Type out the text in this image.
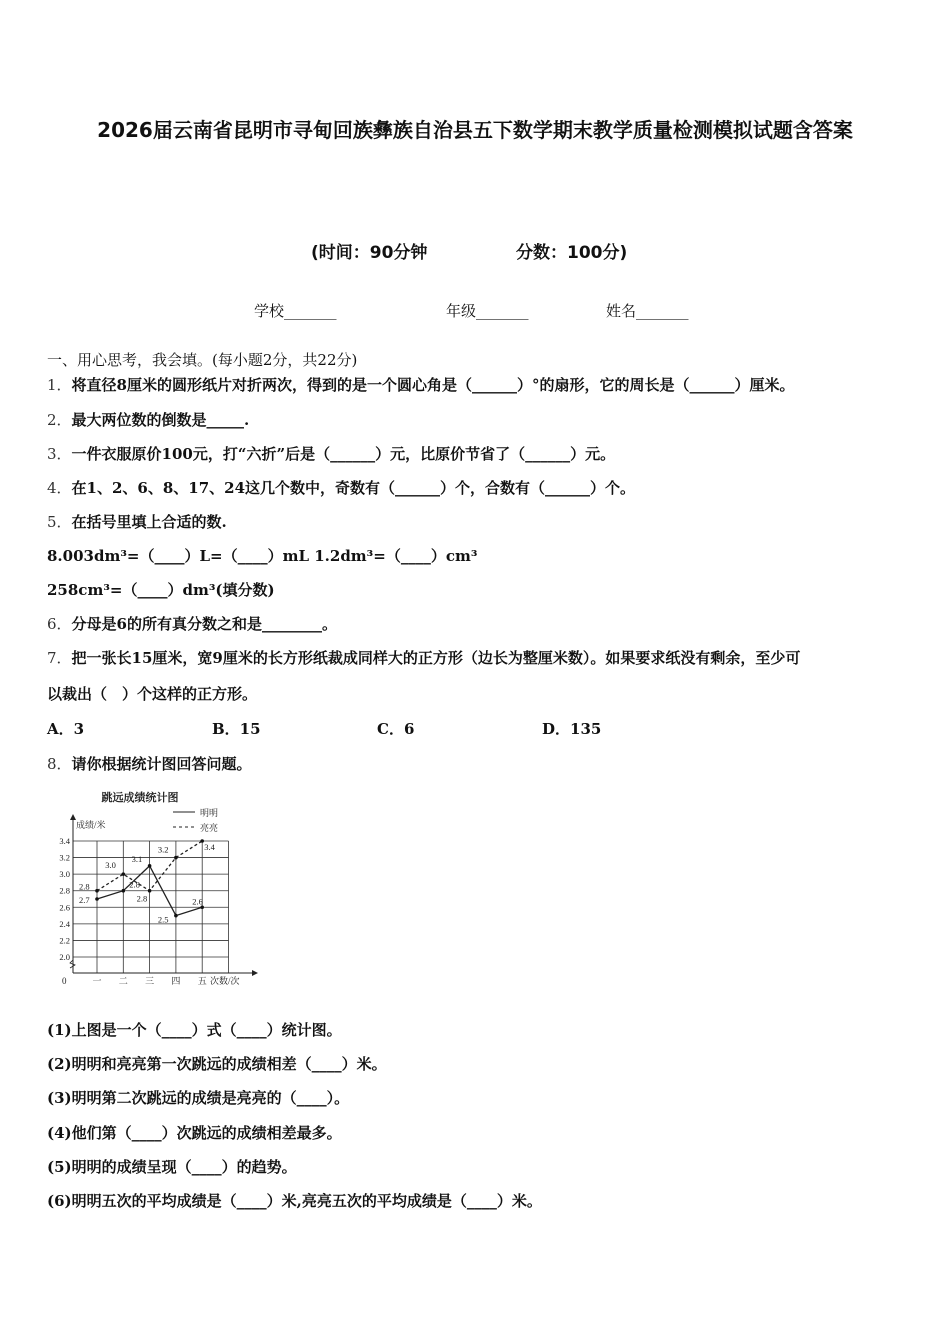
2026届云南省昆明市寻甸回族彝族自治县五下数学期末教学质量检测模拟试题含答案
(时间：90分钟	分数：100分)
学校_______	年级_______	姓名_______
一、用心思考，我会填。(每小题2分，共22分)
1．将直径8厘米的圆形纸片对折两次，得到的是一个圆心角是（______）°的扇形，它的周长是（______）厘米。
2．最大两位数的倒数是_____.
3．一件衣服原价100元，打“六折”后是（______）元，比原价节省了（______）元。
4．在1、2、6、8、17、24这几个数中，奇数有（______）个，合数有（______）个。
5．在括号里填上合适的数.
8.003dm³=（____）L=（____）mL 1.2dm³=（____）cm³
258cm³=（____）dm³(填分数)
6．分母是6的所有真分数之和是________。
7．把一张长15厘米，宽9厘米的长方形纸裁成同样大的正方形（边长为整厘米数）。如果要求纸没有剩余，至少可
以裁出（　）个这样的正方形。
A．3	B．15	C．6	D．135
8．请你根据统计图回答问题。
跳远成绩统计图
明明
亮亮
成绩/米
次数/次
0
2.0
2.2
2.4
2.6
2.8
3.0
3.2
3.4
一 二 三 四 五
2.7
2.8
3.1
2.5
2.6
2.8
3.0
2.8
3.2	3.4
(1)上图是一个（____）式（____）统计图。
(2)明明和亮亮第一次跳远的成绩相差（____）米。
(3)明明第二次跳远的成绩是亮亮的（____）。
(4)他们第（____）次跳远的成绩相差最多。
(5)明明的成绩呈现（____）的趋势。
(6)明明五次的平均成绩是（____）米,亮亮五次的平均成绩是（____）米。
